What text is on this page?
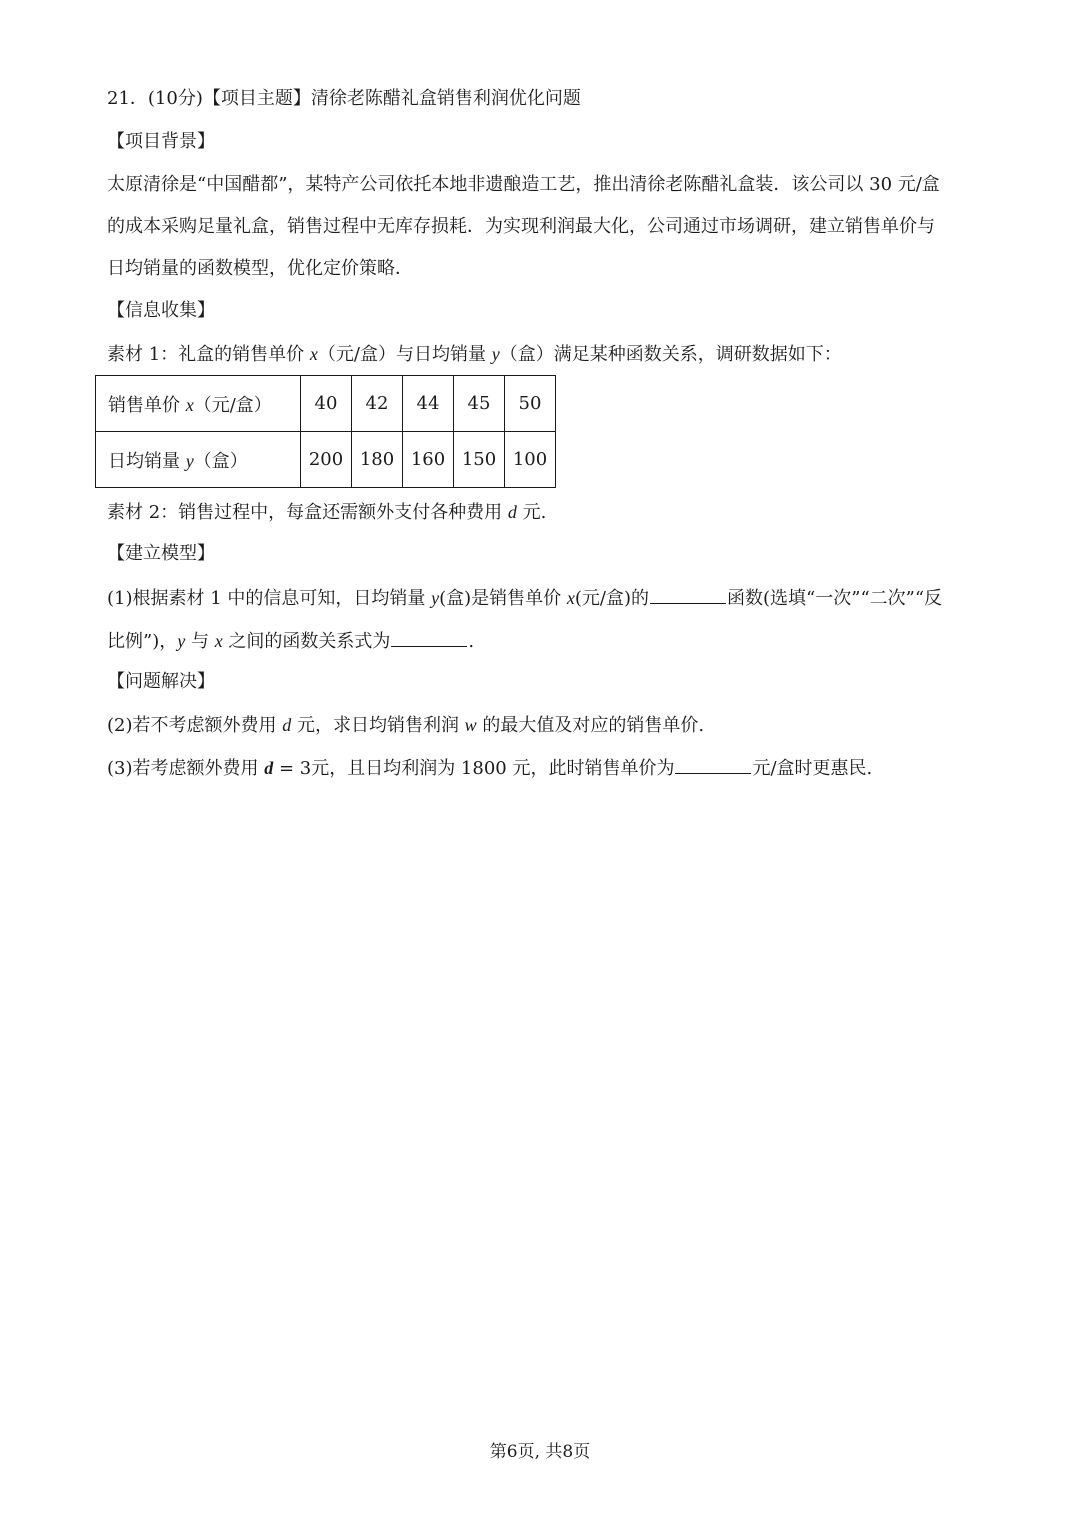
21．(10分)【项目主题】清徐老陈醋礼盒销售利润优化问题
【项目背景】
太原清徐是“中国醋都”，某特产公司依托本地非遗酿造工艺，推出清徐老陈醋礼盒装．该公司以 30 元/盒
的成本采购足量礼盒，销售过程中无库存损耗．为实现利润最大化，公司通过市场调研，建立销售单价与
日均销量的函数模型，优化定价策略．
【信息收集】
素材 1：礼盒的销售单价 x（元/盒）与日均销量 y（盒）满足某种函数关系，调研数据如下：
销售单价 x（元/盒）	40	42	44	45	50
日均销量 y（盒）	200	180	160	150	100
素材 2：销售过程中，每盒还需额外支付各种费用 d 元.
【建立模型】
(1)根据素材 1 中的信息可知，日均销量 y(盒)是销售单价 x(元/盒)的	函数(选填“一次”“二次”“反
比例”)，y 与 x 之间的函数关系式为	.
【问题解决】
(2)若不考虑额外费用 d 元，求日均销售利润 w 的最大值及对应的销售单价.
(3)若考虑额外费用 d = 3元，且日均利润为 1800 元，此时销售单价为	元/盒时更惠民.
第6页, 共8页
